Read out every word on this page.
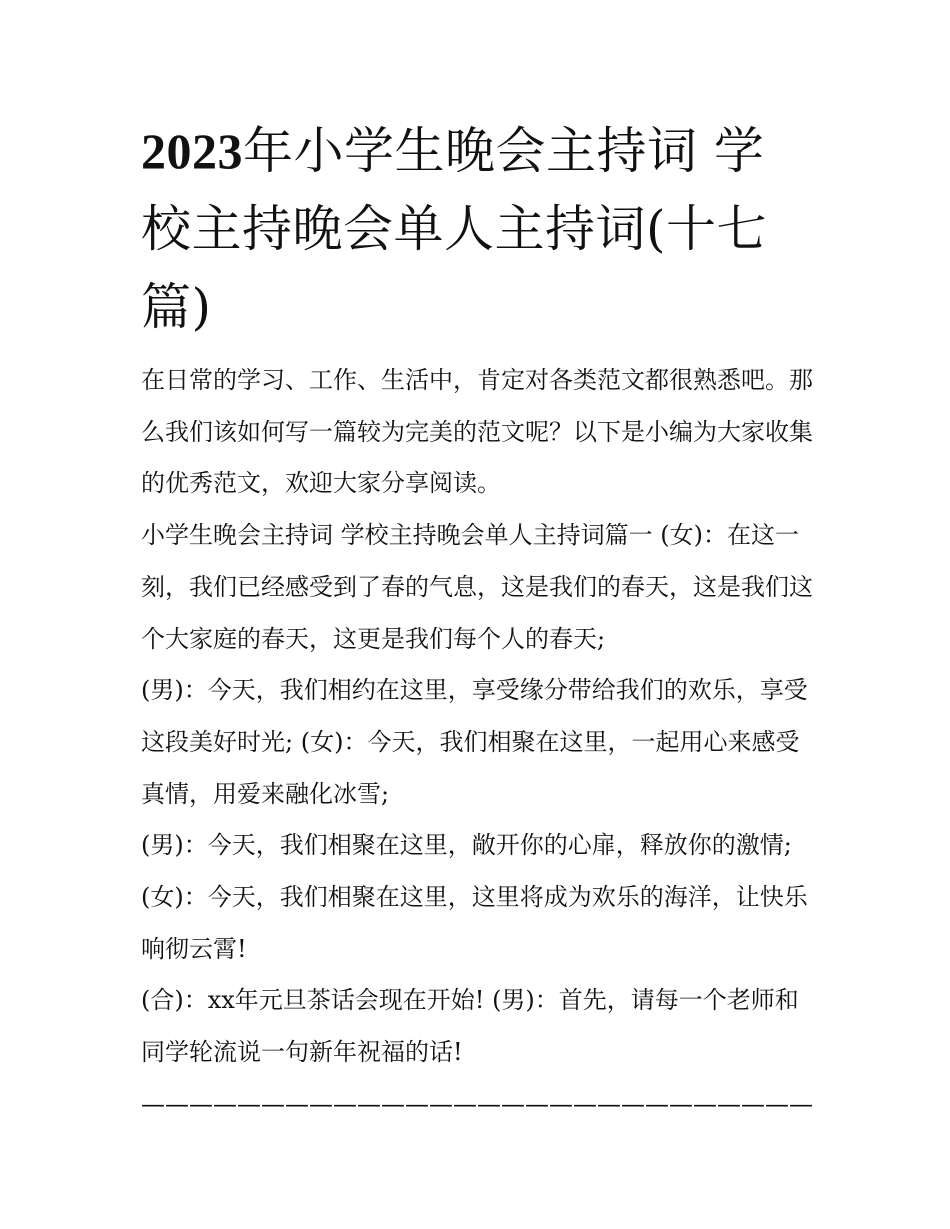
2023年小学生晚会主持词 学校主持晚会单人主持词(十七篇)

在日常的学习、工作、生活中，肯定对各类范文都很熟悉吧。那么我们该如何写一篇较为完美的范文呢？以下是小编为大家收集的优秀范文，欢迎大家分享阅读。

小学生晚会主持词 学校主持晚会单人主持词篇一 (女)：在这一刻，我们已经感受到了春的气息，这是我们的春天，这是我们这个大家庭的春天，这更是我们每个人的春天;

(男)：今天，我们相约在这里，享受缘分带给我们的欢乐，享受这段美好时光; (女)：今天，我们相聚在这里，一起用心来感受真情，用爱来融化冰雪;

(男)：今天，我们相聚在这里，敞开你的心扉，释放你的激情; (女)：今天，我们相聚在这里，这里将成为欢乐的海洋，让快乐响彻云霄!

(合)：xx年元旦茶话会现在开始! (男)：首先，请每一个老师和同学轮流说一句新年祝福的话!

————————————————————————————
